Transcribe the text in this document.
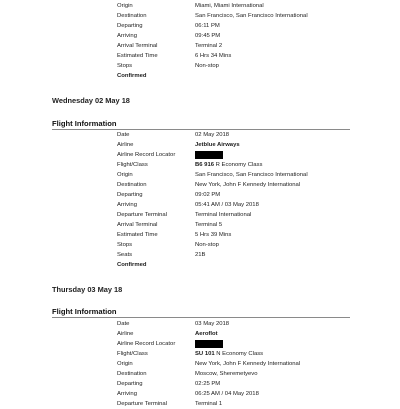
Origin	Miami, Miami International
Destination	San Francisco, San Francisco International
Departing	06:11 PM
Arriving	09:45 PM
Arrival Terminal	Terminal 2
Estimated Time	6 Hrs 34 Mins
Stops	Non-stop
Confirmed
Wednesday 02 May 18
Flight Information
Date	02 May 2018
Airline	Jetblue Airways
Airline Record Locator
Flight/Class	B6 916 R Economy Class
Origin	San Francisco, San Francisco International
Destination	New York, John F Kennedy International
Departing	09:02 PM
Arriving	05:41 AM / 03 May 2018
Departure Terminal	Terminal International
Arrival Terminal	Terminal 5
Estimated Time	5 Hrs 39 Mins
Stops	Non-stop
Seats	21B
Confirmed
Thursday 03 May 18
Flight Information
Date	03 May 2018
Airline	Aeroflot
Airline Record Locator
Flight/Class	SU 101 N Economy Class
Origin	New York, John F Kennedy International
Destination	Moscow, Sheremetyevo
Departing	02:25 PM
Arriving	06:25 AM / 04 May 2018
Departure Terminal	Terminal 1
